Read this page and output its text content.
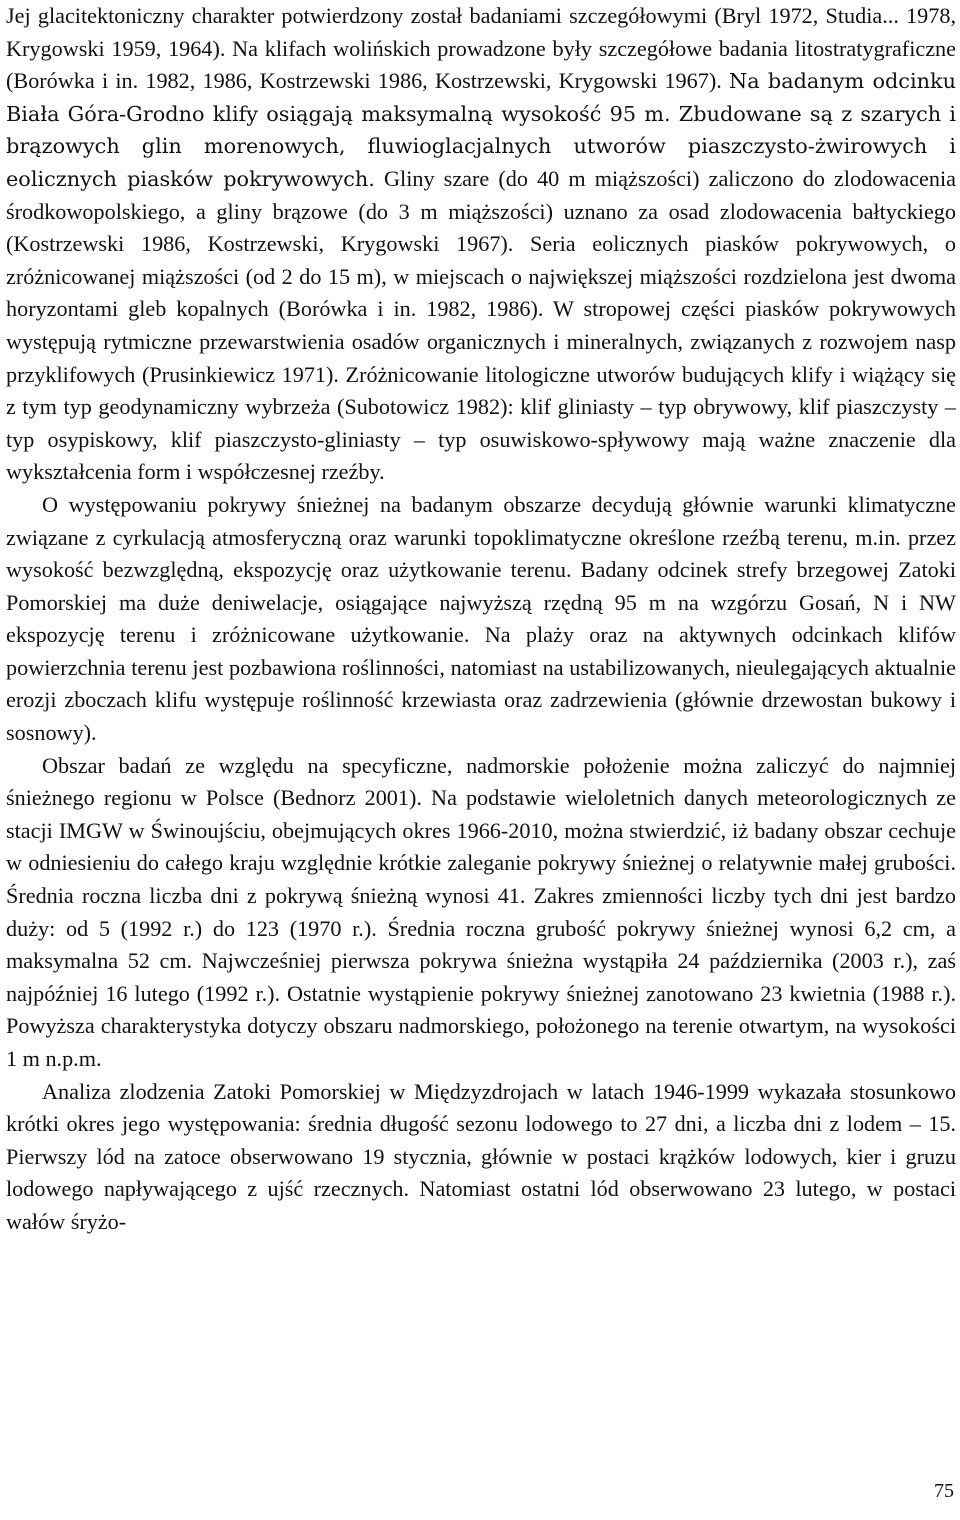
Jej glacitektoniczny charakter potwierdzony został badaniami szczegółowymi (Bryl 1972, Studia... 1978, Krygowski 1959, 1964). Na klifach wolińskich prowadzone były szczegółowe badania litostratygraficzne (Borówka i in. 1982, 1986, Kostrzewski 1986, Kostrzewski, Krygowski 1967). Na badanym odcinku Biała Góra-Grodno klify osiągają maksymalną wysokość 95 m. Zbudowane są z szarych i brązowych glin morenowych, fluwioglacjalnych utworów piaszczysto-żwirowych i eolicznych piasków pokrywowych. Gliny szare (do 40 m miąższości) zaliczono do zlodowacenia środkowopolskiego, a gliny brązowe (do 3 m miąższości) uznano za osad zlodowacenia bałtyckiego (Kostrzewski 1986, Kostrzewski, Krygowski 1967). Seria eolicznych piasków pokrywowych, o zróżnicowanej miąższości (od 2 do 15 m), w miejscach o największej miąższości rozdzielona jest dwoma horyzontami gleb kopalnych (Borówka i in. 1982, 1986). W stropowej części piasków pokrywowych występują rytmiczne przewarstwienia osadów organicznych i mineralnych, związanych z rozwojem nasp przyklifowych (Prusinkiewicz 1971). Zróżnicowanie litologiczne utworów budujących klify i wiążący się z tym typ geodynamiczny wybrzeża (Subotowicz 1982): klif gliniasty – typ obrywowy, klif piaszczysty – typ osypiskowy, klif piaszczysto-gliniasty – typ osuwiskowo-spływowy mają ważne znaczenie dla wykształcenia form i współczesnej rzeźby.

O występowaniu pokrywy śnieżnej na badanym obszarze decydują głównie warunki klimatyczne związane z cyrkulacją atmosferyczną oraz warunki topoklimatyczne określone rzeźbą terenu, m.in. przez wysokość bezwzględną, ekspozycję oraz użytkowanie terenu. Badany odcinek strefy brzegowej Zatoki Pomorskiej ma duże deniwelacje, osiągające najwyższą rzędną 95 m na wzgórzu Gosań, N i NW ekspozycję terenu i zróżnicowane użytkowanie. Na plaży oraz na aktywnych odcinkach klifów powierzchnia terenu jest pozbawiona roślinności, natomiast na ustabilizowanych, nieulegających aktualnie erozji zboczach klifu występuje roślinność krzewiasta oraz zadrzewienia (głównie drzewostan bukowy i sosnowy).

Obszar badań ze względu na specyficzne, nadmorskie położenie można zaliczyć do najmniej śnieżnego regionu w Polsce (Bednorz 2001). Na podstawie wieloletnich danych meteorologicznych ze stacji IMGW w Świnoujściu, obejmujących okres 1966-2010, można stwierdzić, iż badany obszar cechuje w odniesieniu do całego kraju względnie krótkie zaleganie pokrywy śnieżnej o relatywnie małej grubości. Średnia roczna liczba dni z pokrywą śnieżną wynosi 41. Zakres zmienności liczby tych dni jest bardzo duży: od 5 (1992 r.) do 123 (1970 r.). Średnia roczna grubość pokrywy śnieżnej wynosi 6,2 cm, a maksymalna 52 cm. Najwcześniej pierwsza pokrywa śnieżna wystąpiła 24 października (2003 r.), zaś najpóźniej 16 lutego (1992 r.). Ostatnie wystąpienie pokrywy śnieżnej zanotowano 23 kwietnia (1988 r.). Powyższa charakterystyka dotyczy obszaru nadmorskiego, położonego na terenie otwartym, na wysokości 1 m n.p.m.

Analiza zlodzenia Zatoki Pomorskiej w Międzyzdrojach w latach 1946-1999 wykazała stosunkowo krótki okres jego występowania: średnia długość sezonu lodowego to 27 dni, a liczba dni z lodem – 15. Pierwszy lód na zatoce obserwowano 19 stycznia, głównie w postaci krążków lodowych, kier i gruzu lodowego napływającego z ujść rzecznych. Natomiast ostatni lód obserwowano 23 lutego, w postaci wałów śryżo-

75
